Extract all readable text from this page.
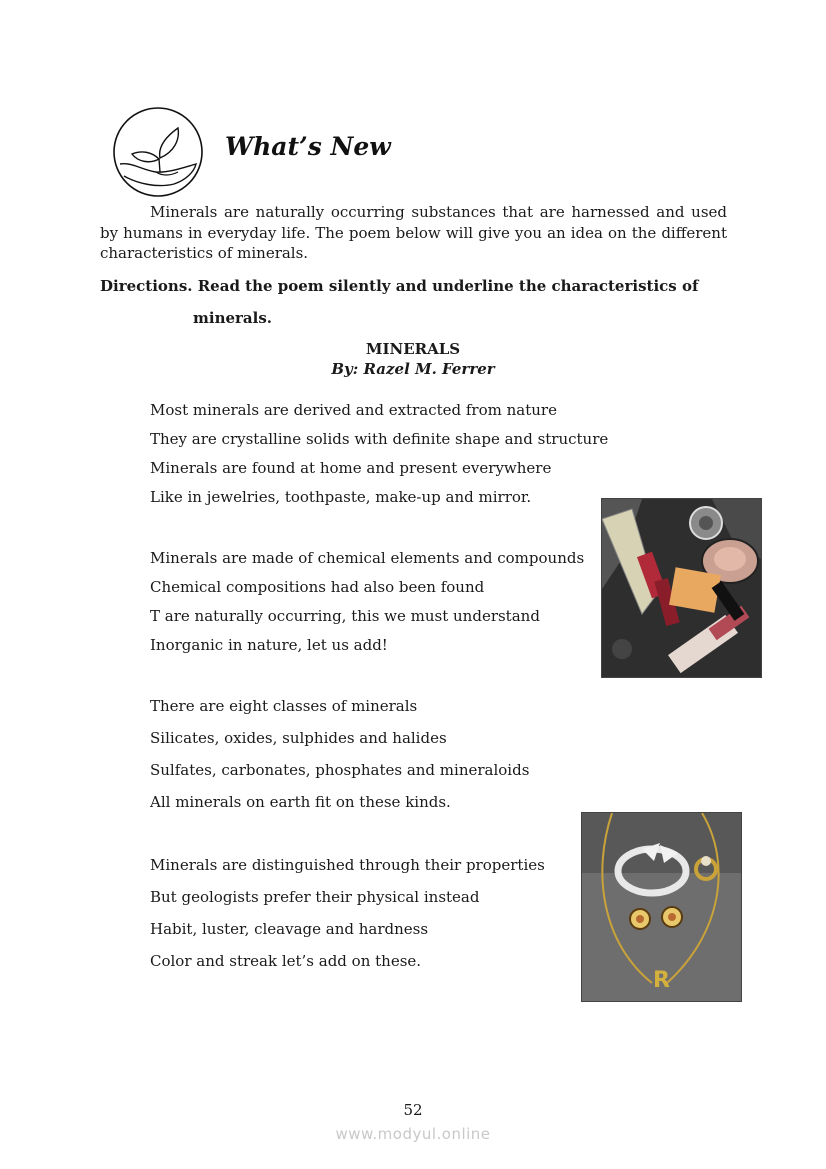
What’s New
Minerals are naturally occurring substances that are harnessed and used by humans in everyday life. The poem below will give you an idea on the different characteristics of minerals.
Directions. Read the poem silently and underline the characteristics of
minerals.
MINERALS
By: Razel M. Ferrer
Most minerals are derived and extracted from nature
They are crystalline solids with definite shape and structure
Minerals are found at home and present everywhere
Like in jewelries, toothpaste, make-up and mirror.
Minerals are made of chemical elements and compounds
Chemical compositions had also been found
T are naturally occurring, this we must understand
Inorganic in nature, let us add!
There are eight classes of minerals
Silicates, oxides, sulphides and halides
Sulfates, carbonates, phosphates and mineraloids
All minerals on earth fit on these kinds.
Minerals are distinguished through their properties
But geologists prefer their physical instead
Habit, luster, cleavage and hardness
Color and streak let’s add on these.
R
52
www.modyul.online
